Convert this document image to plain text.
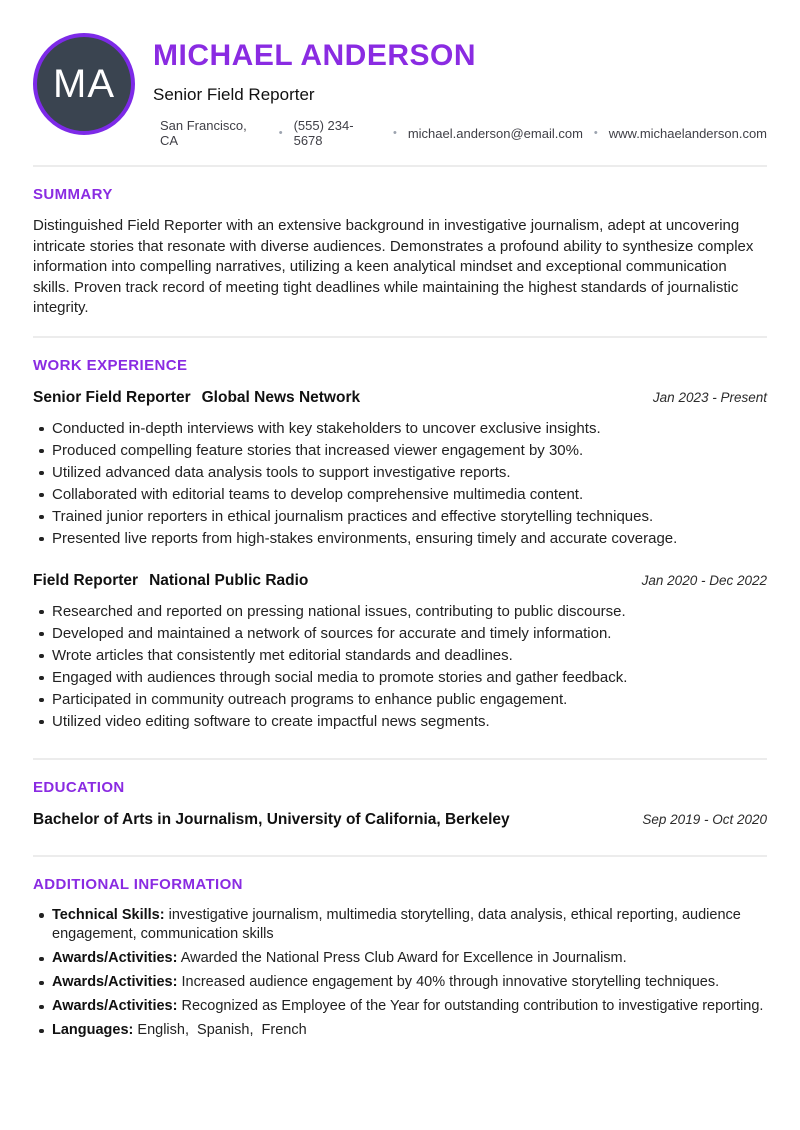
MA
MICHAEL ANDERSON
Senior Field Reporter
San Francisco, CA	• (555) 234-5678	• michael.anderson@email.com • www.michaelanderson.com
SUMMARY

Distinguished Field Reporter with an extensive background in investigative journalism, adept at uncovering intricate stories that resonate with diverse audiences. Demonstrates a profound ability to synthesize complex information into compelling narratives, utilizing a keen analytical mindset and exceptional communication skills. Proven track record of meeting tight deadlines while maintaining the highest standards of journalistic integrity.

WORK EXPERIENCE
Senior Field Reporter Global News Network	Jan 2023 - Present
Conducted in-depth interviews with key stakeholders to uncover exclusive insights.
Produced compelling feature stories that increased viewer engagement by 30%.
Utilized advanced data analysis tools to support investigative reports.
Collaborated with editorial teams to develop comprehensive multimedia content.
Trained junior reporters in ethical journalism practices and effective storytelling techniques.
Presented live reports from high-stakes environments, ensuring timely and accurate coverage.
Field Reporter National Public Radio	Jan 2020 - Dec 2022
Researched and reported on pressing national issues, contributing to public discourse.
Developed and maintained a network of sources for accurate and timely information.
Wrote articles that consistently met editorial standards and deadlines.
Engaged with audiences through social media to promote stories and gather feedback.
Participated in community outreach programs to enhance public engagement.
Utilized video editing software to create impactful news segments.
EDUCATION
Bachelor of Arts in Journalism, University of California, Berkeley	Sep 2019 - Oct 2020
ADDITIONAL INFORMATION
Technical Skills: investigative journalism, multimedia storytelling, data analysis, ethical reporting, audience engagement, communication skills
Awards/Activities: Awarded the National Press Club Award for Excellence in Journalism.
Awards/Activities: Increased audience engagement by 40% through innovative storytelling techniques.
Awards/Activities: Recognized as Employee of the Year for outstanding contribution to investigative reporting.
Languages: English,  Spanish,  French
